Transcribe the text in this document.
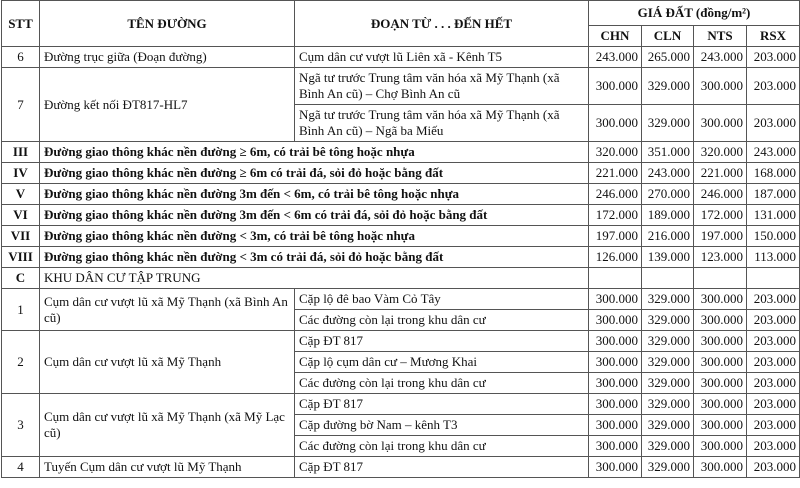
STT	TÊN ĐƯỜNG	ĐOẠN TỪ . . . ĐẾN HẾT	GIÁ ĐẤT (đồng/m²)			
			CHN	CLN	NTS	RSX
6	Đường trục giữa (Đoạn đường)	Cụm dân cư vượt lũ Liên xã - Kênh T5	243.000	265.000	243.000	203.000
7	Đường kết nối ĐT817-HL7	Ngã tư trước Trung tâm văn hóa xã Mỹ Thạnh (xã Bình An cũ) – Chợ Bình An cũ	300.000	329.000	300.000	203.000
		Ngã tư trước Trung tâm văn hóa xã Mỹ Thạnh (xã Bình An cũ) – Ngã ba Miếu	300.000	329.000	300.000	203.000
III	Đường giao thông khác nền đường ≥ 6m, có trải bê tông hoặc nhựa		320.000	351.000	320.000	243.000
IV	Đường giao thông khác nền đường ≥ 6m có trải đá, sỏi đỏ hoặc bằng đất		221.000	243.000	221.000	168.000
V	Đường giao thông khác nền đường 3m đến < 6m, có trải bê tông hoặc nhựa		246.000	270.000	246.000	187.000
VI	Đường giao thông khác nền đường 3m đến < 6m có trải đá, sỏi đỏ hoặc bằng đất		172.000	189.000	172.000	131.000
VII	Đường giao thông khác nền đường < 3m, có trải bê tông hoặc nhựa		197.000	216.000	197.000	150.000
VIII	Đường giao thông khác nền đường < 3m có trải đá, sỏi đỏ hoặc bằng đất		126.000	139.000	123.000	113.000
C	KHU DÂN CƯ TẬP TRUNG					
1	Cụm dân cư vượt lũ xã Mỹ Thạnh (xã Bình An cũ)	Cặp lộ đê bao Vàm Cỏ Tây	300.000	329.000	300.000	203.000
		Các đường còn lại trong khu dân cư	300.000	329.000	300.000	203.000
2	Cụm dân cư vượt lũ xã Mỹ Thạnh	Cặp ĐT 817	300.000	329.000	300.000	203.000
		Cặp lộ cụm dân cư – Mương Khai	300.000	329.000	300.000	203.000
		Các đường còn lại trong khu dân cư	300.000	329.000	300.000	203.000
3	Cụm dân cư vượt lũ xã Mỹ Thạnh (xã Mỹ Lạc cũ)	Cặp ĐT 817	300.000	329.000	300.000	203.000
		Cặp đường bờ Nam – kênh T3	300.000	329.000	300.000	203.000
		Các đường còn lại trong khu dân cư	300.000	329.000	300.000	203.000
4	Tuyến Cụm dân cư vượt lũ Mỹ Thạnh	Cặp ĐT 817	300.000	329.000	300.000	203.000
